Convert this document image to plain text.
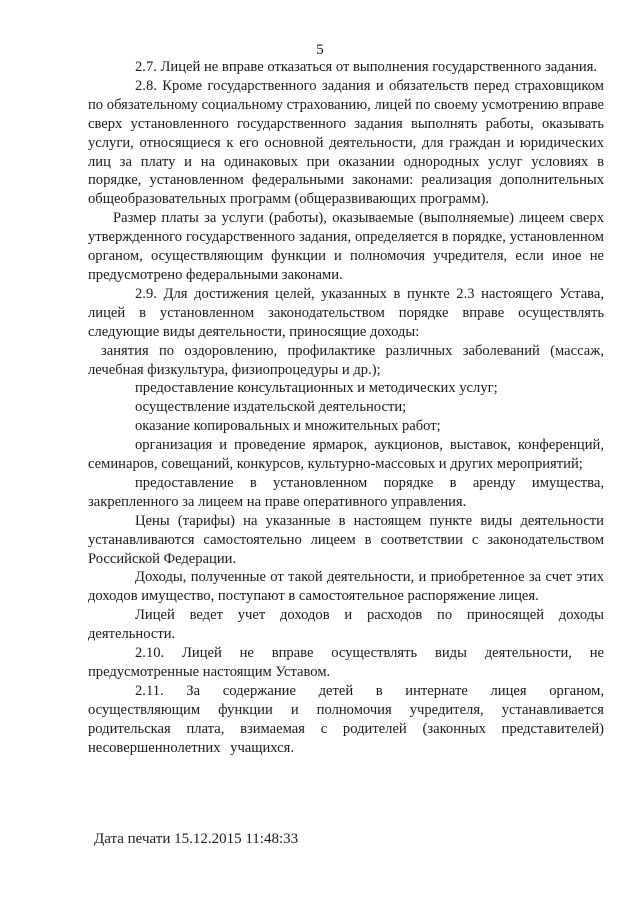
5

2.7. Лицей не вправе отказаться от выполнения государственного задания.

2.8. Кроме государственного задания и обязательств перед страховщиком по обязательному социальному страхованию, лицей по своему усмотрению вправе сверх установленного государственного задания выполнять работы, оказывать услуги, относящиеся к его основной деятельности, для граждан и юридических лиц за плату и на одинаковых при оказании однородных услуг условиях в порядке, установленном федеральными законами: реализация дополнительных общеобразовательных программ (общеразвивающих программ).

Размер платы за услуги (работы), оказываемые (выполняемые) лицеем сверх утвержденного государственного задания, определяется в порядке, установленном органом, осуществляющим функции и полномочия учредителя, если иное не предусмотрено федеральными законами.

2.9. Для достижения целей, указанных в пункте 2.3 настоящего Устава, лицей в установленном законодательством порядке вправе осуществлять следующие виды деятельности, приносящие доходы:

занятия по оздоровлению, профилактике различных заболеваний (массаж, лечебная физкультура, физиопроцедуры и др.);

предоставление консультационных и методических услуг;

осуществление издательской деятельности;

оказание копировальных и множительных работ;

организация и проведение ярмарок, аукционов, выставок, конференций, семинаров, совещаний, конкурсов, культурно-массовых и других мероприятий;

предоставление в установленном порядке в аренду имущества, закрепленного за лицеем на праве оперативного управления.

Цены (тарифы) на указанные в настоящем пункте виды деятельности устанавливаются самостоятельно лицеем в соответствии с законодательством Российской Федерации.

Доходы, полученные от такой деятельности, и приобретенное за счет этих доходов имущество, поступают в самостоятельное распоряжение лицея.

Лицей ведет учет доходов и расходов по приносящей доходы деятельности.

2.10. Лицей не вправе осуществлять виды деятельности, не предусмотренные настоящим Уставом.

2.11. За содержание детей в интернате лицея органом, осуществляющим функции и полномочия учредителя, устанавливается родительская плата, взимаемая с родителей (законных представителей) несовершеннолетних учащихся.

Дата печати 15.12.2015 11:48:33
